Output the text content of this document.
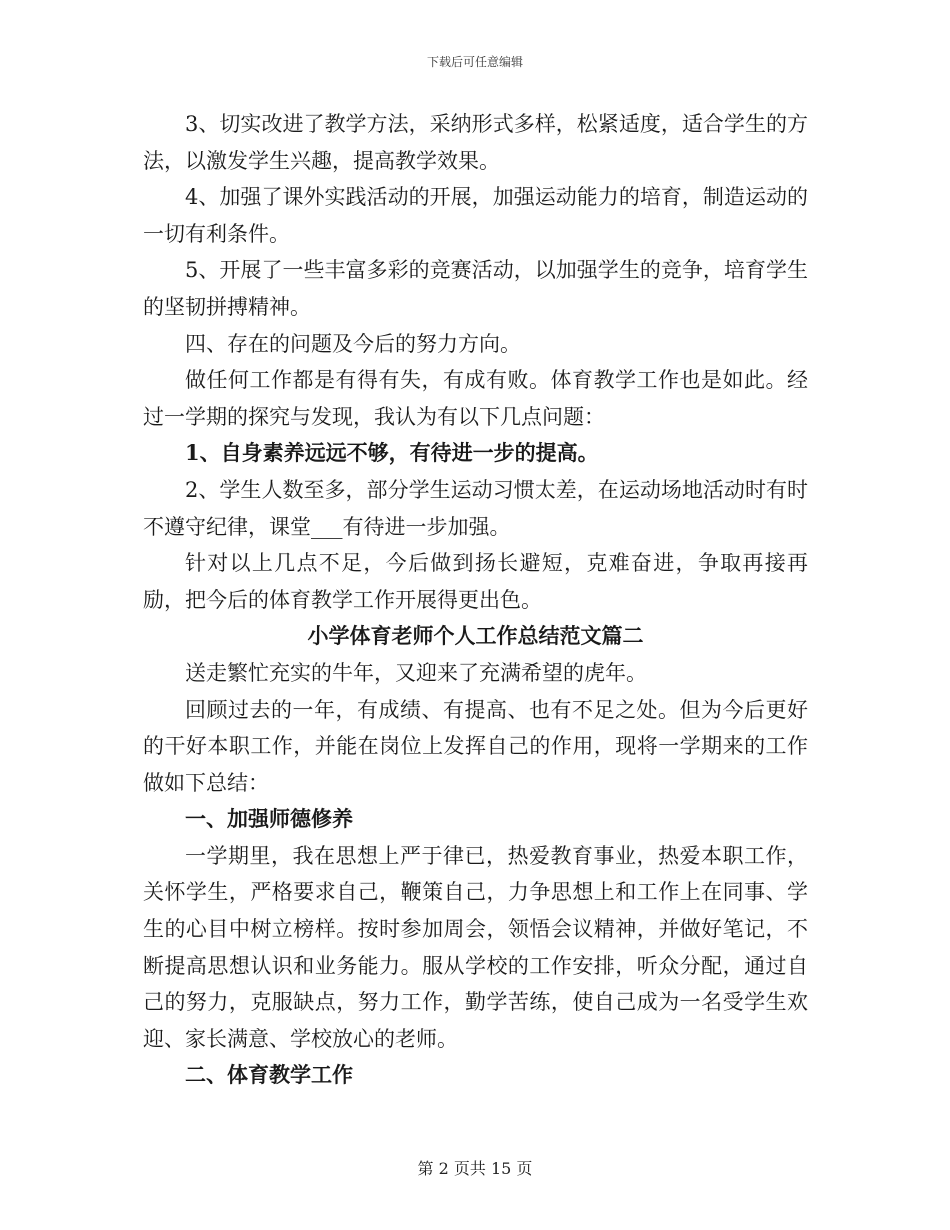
下载后可任意编辑

3、切实改进了教学方法，采纳形式多样，松紧适度，适合学生的方法，以激发学生兴趣，提高教学效果。

4、加强了课外实践活动的开展，加强运动能力的培育，制造运动的一切有利条件。

5、开展了一些丰富多彩的竞赛活动，以加强学生的竞争，培育学生的坚韧拼搏精神。

四、存在的问题及今后的努力方向。

做任何工作都是有得有失，有成有败。体育教学工作也是如此。经过一学期的探究与发现，我认为有以下几点问题：

1、自身素养远远不够，有待进一步的提高。

2、学生人数至多，部分学生运动习惯太差，在运动场地活动时有时不遵守纪律，课堂___有待进一步加强。

针对以上几点不足，今后做到扬长避短，克难奋进，争取再接再励，把今后的体育教学工作开展得更出色。

小学体育老师个人工作总结范文篇二

送走繁忙充实的牛年，又迎来了充满希望的虎年。

回顾过去的一年，有成绩、有提高、也有不足之处。但为今后更好的干好本职工作，并能在岗位上发挥自己的作用，现将一学期来的工作做如下总结：

一、加强师德修养

一学期里，我在思想上严于律已，热爱教育事业，热爱本职工作，关怀学生，严格要求自己，鞭策自己，力争思想上和工作上在同事、学生的心目中树立榜样。按时参加周会，领悟会议精神，并做好笔记，不断提高思想认识和业务能力。服从学校的工作安排，听众分配，通过自己的努力，克服缺点，努力工作，勤学苦练，使自己成为一名受学生欢迎、家长满意、学校放心的老师。

二、体育教学工作

第 2 页共 15 页
